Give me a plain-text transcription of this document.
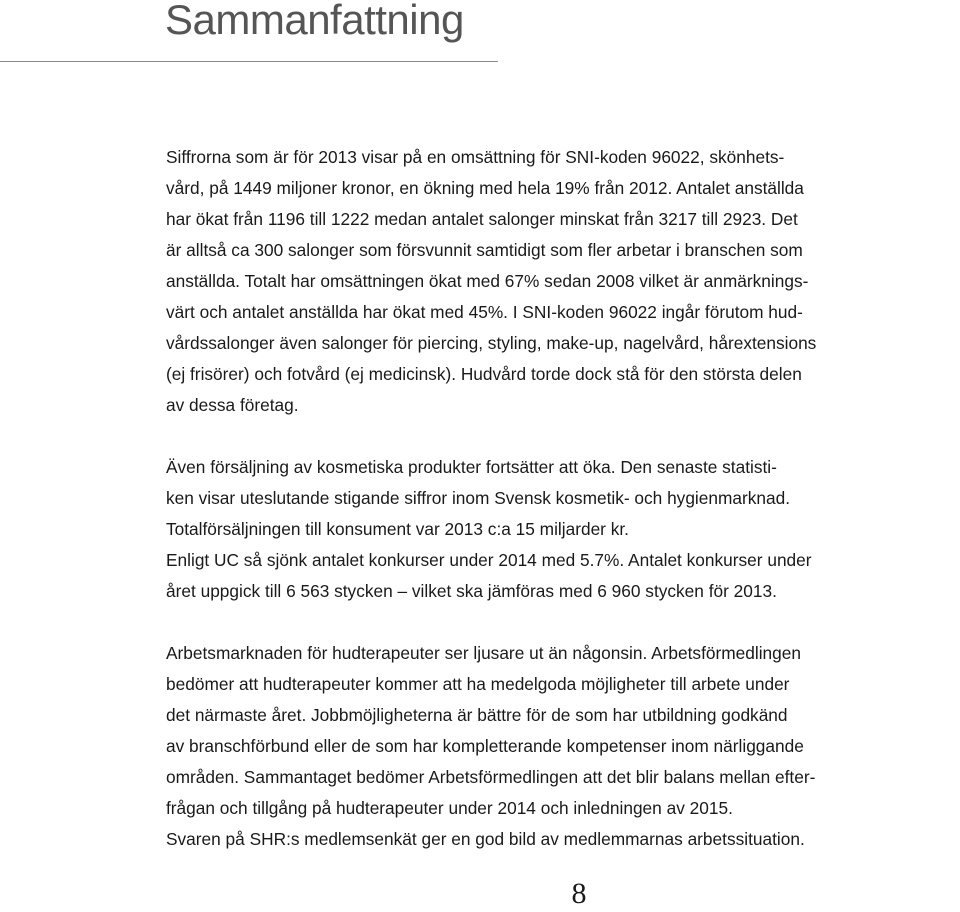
Sammanfattning

Siffrorna som är för 2013 visar på en omsättning för SNI-koden 96022, skönhets-
vård, på 1449 miljoner kronor, en ökning med hela 19% från 2012. Antalet anställda
har ökat från 1196 till 1222 medan antalet salonger minskat från 3217 till 2923. Det
är alltså ca 300 salonger som försvunnit samtidigt som fler arbetar i branschen som
anställda. Totalt har omsättningen ökat med 67% sedan 2008 vilket är anmärknings-
värt och antalet anställda har ökat med 45%. I SNI-koden 96022 ingår förutom hud-
vårdssalonger även salonger för piercing, styling, make-up, nagelvård, hårextensions
(ej frisörer) och fotvård (ej medicinsk). Hudvård torde dock stå för den största delen
av dessa företag.

Även försäljning av kosmetiska produkter fortsätter att öka. Den senaste statisti-
ken visar uteslutande stigande siffror inom Svensk kosmetik- och hygienmarknad.
Totalförsäljningen till konsument var 2013 c:a 15 miljarder kr.
Enligt UC så sjönk antalet konkurser under 2014 med 5.7%. Antalet konkurser under
året uppgick till 6 563 stycken – vilket ska jämföras med 6 960 stycken för 2013.

Arbetsmarknaden för hudterapeuter ser ljusare ut än någonsin. Arbetsförmedlingen
bedömer att hudterapeuter kommer att ha medelgoda möjligheter till arbete under
det närmaste året. Jobbmöjligheterna är bättre för de som har utbildning godkänd
av branschförbund eller de som har kompletterande kompetenser inom närliggande
områden. Sammantaget bedömer Arbetsförmedlingen att det blir balans mellan efter-
frågan och tillgång på hudterapeuter under 2014 och inledningen av 2015.
Svaren på SHR:s medlemsenkät ger en god bild av medlemmarnas arbetssituation.

8
